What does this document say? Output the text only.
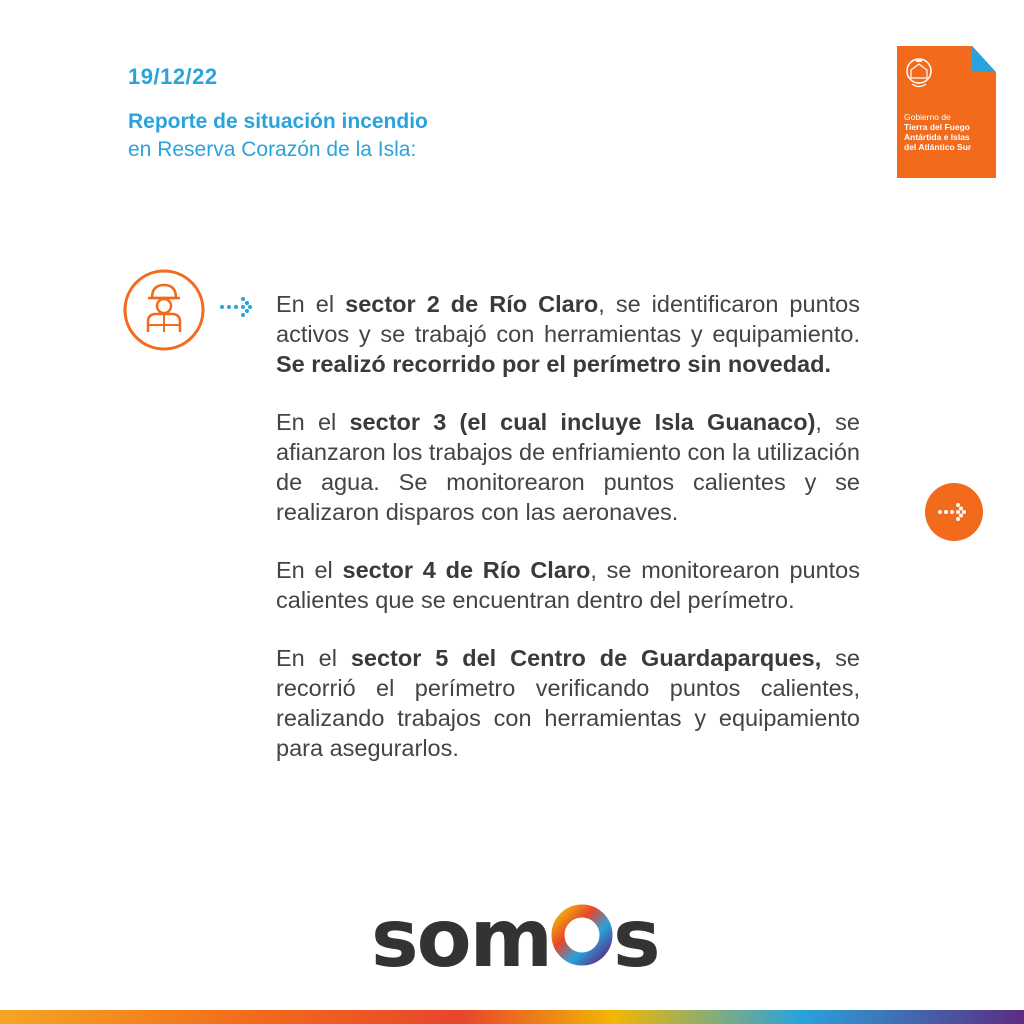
19/12/22
Reporte de situación incendio
en Reserva Corazón de la Isla:
Gobierno de
Tierra del Fuego
Antártida e Islas
del Atlántico Sur

En el sector 2 de Río Claro, se identificaron puntos activos y se trabajó con herramientas y equipamiento. Se realizó recorrido por el perímetro sin novedad.

En el sector 3 (el cual incluye Isla Guanaco), se afianzaron los trabajos de enfriamiento con la utilización de agua. Se monitorearon puntos calientes y se realizaron disparos con las aeronaves.

En el sector 4 de Río Claro, se monitorearon puntos calientes que se encuentran dentro del perímetro.

En el sector 5 del Centro de Guardaparques, se recorrió el perímetro verificando puntos calientes, realizando trabajos con herramientas y equipamiento para asegurarlos.

som s
